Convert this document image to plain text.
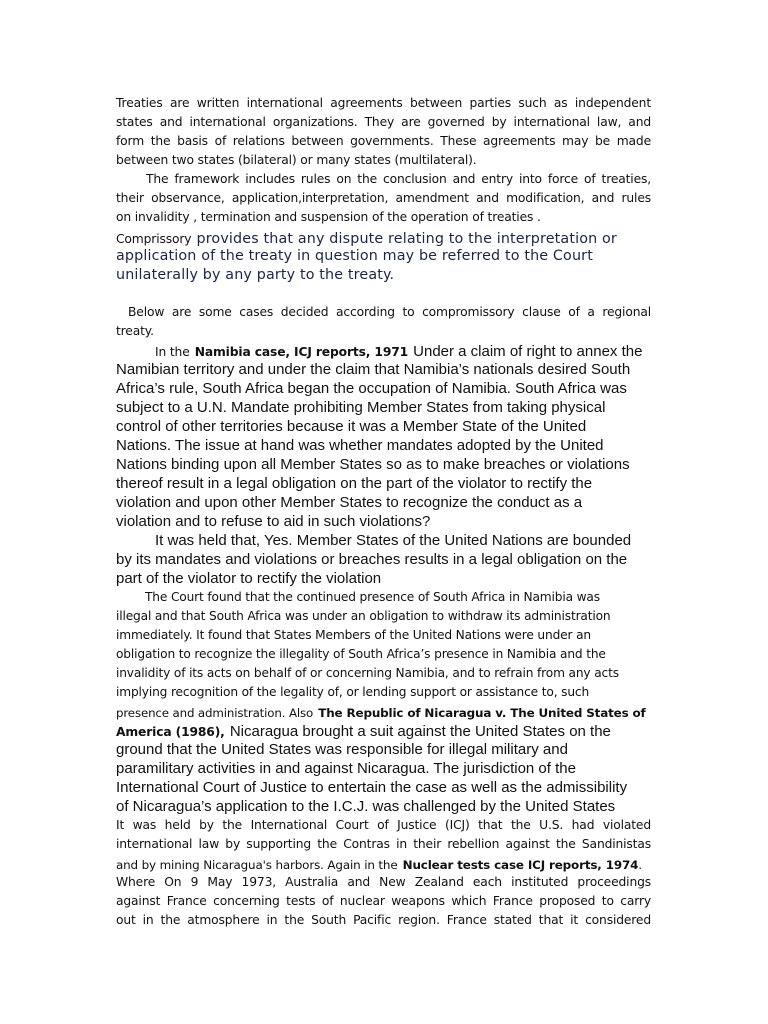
Treaties are written international agreements between parties such as independent
states and international organizations. They are governed by international law, and
form the basis of relations between governments. These agreements may be made
between two states (bilateral) or many states (multilateral).
The framework includes rules on the conclusion and entry into force of treaties,
their observance, application,interpretation, amendment and modification, and rules
on invalidity , termination and suspension of the operation of treaties .
Comprissory provides that any dispute relating to the interpretation or
application of the treaty in question may be referred to the Court
unilaterally by any party to the treaty.
Below are some cases decided according to compromissory clause of a regional
treaty.
In the Namibia case, ICJ reports, 1971 Under a claim of right to annex the
Namibian territory and under the claim that Namibia’s nationals desired South
Africa’s rule, South Africa began the occupation of Namibia. South Africa was
subject to a U.N. Mandate prohibiting Member States from taking physical
control of other territories because it was a Member State of the United
Nations. The issue at hand was whether mandates adopted by the United
Nations binding upon all Member States so as to make breaches or violations
thereof result in a legal obligation on the part of the violator to rectify the
violation and upon other Member States to recognize the conduct as a
violation and to refuse to aid in such violations?
It was held that, Yes. Member States of the United Nations are bounded
by its mandates and violations or breaches results in a legal obligation on the
part of the violator to rectify the violation
The Court found that the continued presence of South Africa in Namibia was
illegal and that South Africa was under an obligation to withdraw its administration
immediately. It found that States Members of the United Nations were under an
obligation to recognize the illegality of South Africa’s presence in Namibia and the
invalidity of its acts on behalf of or concerning Namibia, and to refrain from any acts
implying recognition of the legality of, or lending support or assistance to, such
presence and administration. Also The Republic of Nicaragua v. The United States of
America (1986), Nicaragua brought a suit against the United States on the
ground that the United States was responsible for illegal military and
paramilitary activities in and against Nicaragua. The jurisdiction of the
International Court of Justice to entertain the case as well as the admissibility
of Nicaragua’s application to the I.C.J. was challenged by the United States
It was held by the International Court of Justice (ICJ) that the U.S. had violated
international law by supporting the Contras in their rebellion against the Sandinistas
and by mining Nicaragua's harbors. Again in the Nuclear tests case ICJ reports, 1974.
Where On 9 May 1973, Australia and New Zealand each instituted proceedings
against France concerning tests of nuclear weapons which France proposed to carry
out in the atmosphere in the South Pacific region. France stated that it considered
